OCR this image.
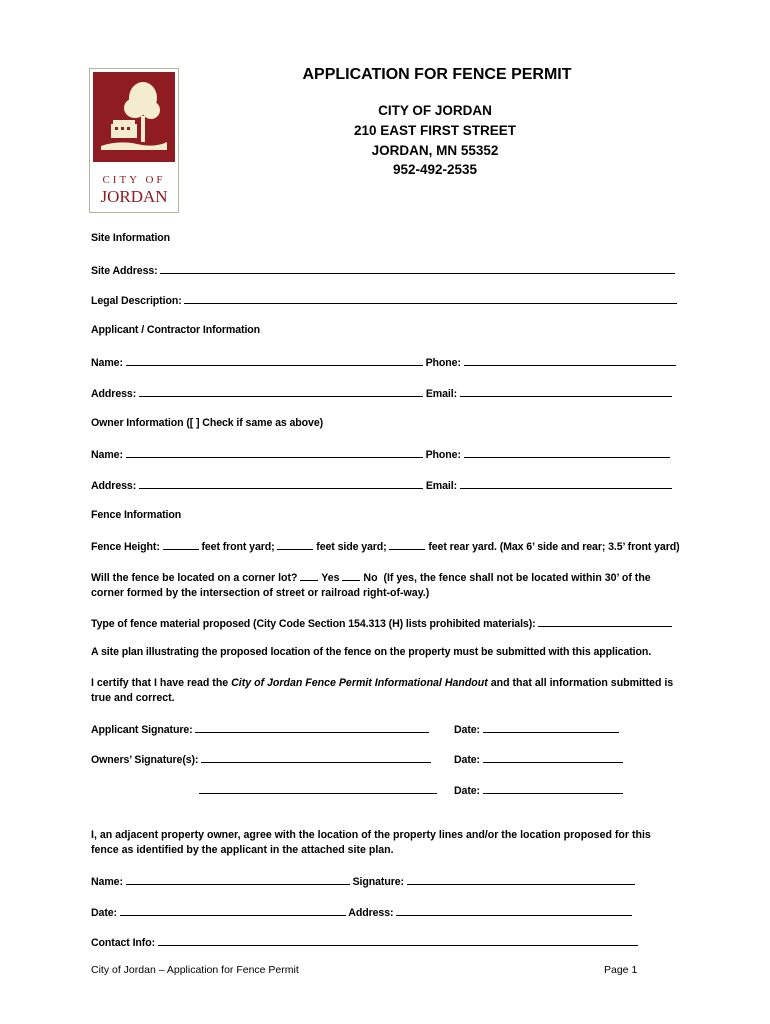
CITY OF
JORDAN
APPLICATION FOR FENCE PERMIT
CITY OF JORDAN
210 EAST FIRST STREET
JORDAN, MN 55352
952-492-2535
Site Information
Site Address:
Legal Description:
Applicant / Contractor Information
Name:	Phone:
Address:	Email:
Owner Information ([ ] Check if same as above)
Name:	Phone:
Address:	Email:
Fence Information
Fence Height:	feet front yard;	feet side yard;	feet rear yard. (Max 6’ side and rear; 3.5’ front yard)
Will the fence be located on a corner lot? Yes No (If yes, the fence shall not be located within 30’ of the corner formed by the intersection of street or railroad right-of-way.)
Type of fence material proposed (City Code Section 154.313 (H) lists prohibited materials):
A site plan illustrating the proposed location of the fence on the property must be submitted with this application.
I certify that I have read the City of Jordan Fence Permit Informational Handout and that all information submitted is true and correct.
Applicant Signature:	Date:
Owners’ Signature(s):	Date:
Date:
I, an adjacent property owner, agree with the location of the property lines and/or the location proposed for this fence as identified by the applicant in the attached site plan.
Name:	Signature:
Date:	Address:
Contact Info:
City of Jordan – Application for Fence Permit	Page 1
